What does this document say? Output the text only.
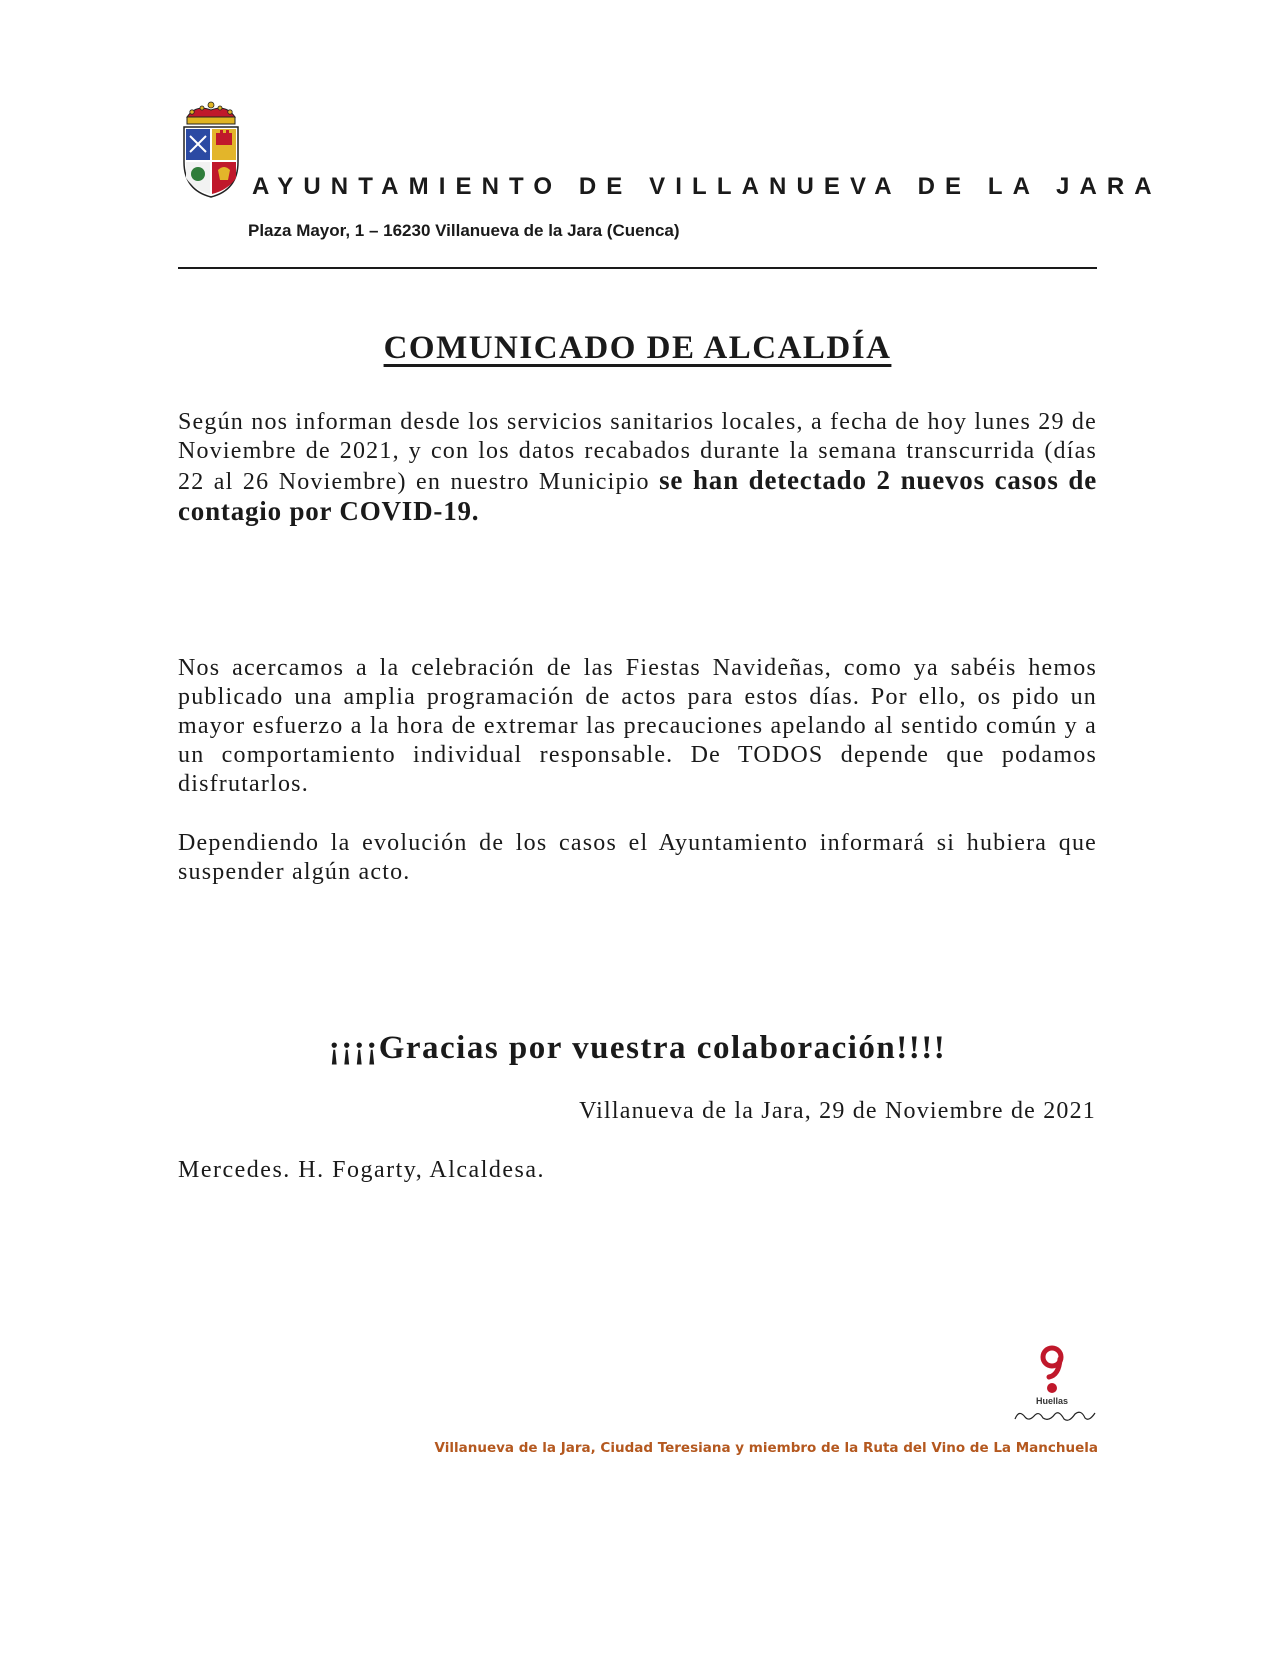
AYUNTAMIENTO DE VILLANUEVA DE LA JARA

Plaza Mayor, 1 – 16230 Villanueva de la Jara (Cuenca)
COMUNICADO DE ALCALDÍA

Según nos informan desde los servicios sanitarios locales, a fecha de hoy lunes 29 de Noviembre de 2021, y con los datos recabados durante la semana transcurrida (días 22 al 26 Noviembre) en nuestro Municipio se han detectado 2 nuevos casos de contagio por COVID-19.

Nos acercamos a la celebración de las Fiestas Navideñas, como ya sabéis hemos publicado una amplia programación de actos para estos días. Por ello, os pido un mayor esfuerzo a la hora de extremar las precauciones apelando al sentido común y a un comportamiento individual responsable. De TODOS depende que podamos disfrutarlos.

Dependiendo la evolución de los casos el Ayuntamiento informará si hubiera que suspender algún acto.

¡¡¡¡Gracias por vuestra colaboración!!!!

Villanueva de la Jara, 29 de Noviembre de 2021

Mercedes. H. Fogarty, Alcaldesa.

Huellas

Villanueva de la Jara, Ciudad Teresiana y miembro de la Ruta del Vino de La Manchuela
